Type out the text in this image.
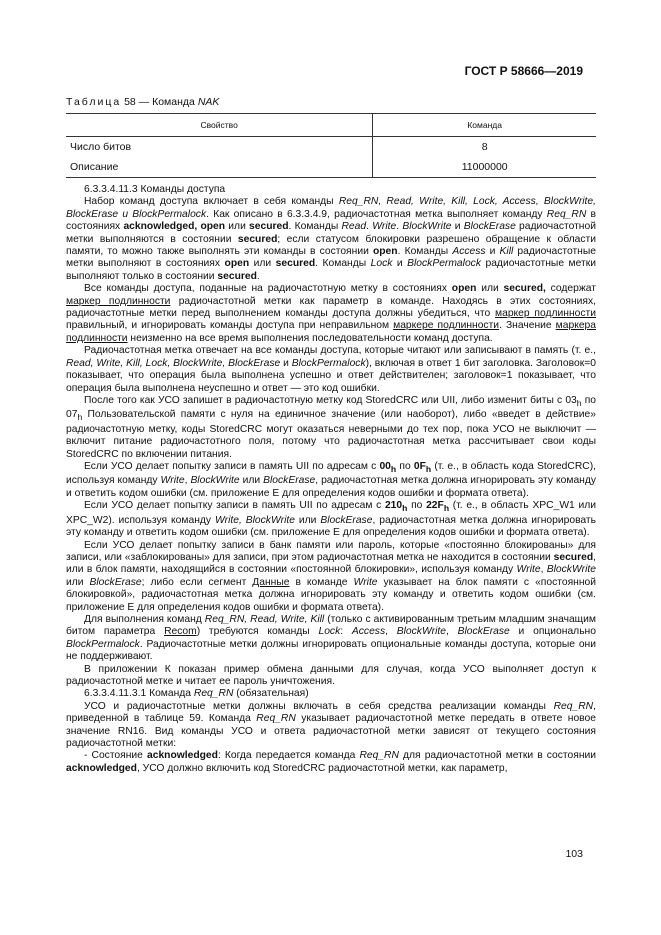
ГОСТ Р 58666—2019
Таблица 58 — Команда NAK
Свойство	Команда
Число битов	8
Описание	11000000

6.3.3.4.11.3 Команды доступа

Набор команд доступа включает в себя команды Req_RN, Read, Write, Kill, Lock, Access, BlockWrite, BlockErase и BlockPermalock. Как описано в 6.3.3.4.9, радиочастотная метка выполняет команду Req_RN в состояниях acknowledged, open или secured. Команды Read. Write. BlockWrite и BlockErase радиочастотной метки выполняются в состоянии secured; если статусом блокировки разрешено обращение к области памяти, то можно также выполнять эти команды в состоянии open. Команды Access и Kill радиочастотные метки выполняют в состояниях open или secured. Команды Lock и BlockPermalock радиочастотные метки выполняют только в состоянии secured.

Все команды доступа, поданные на радиочастотную метку в состояниях open или secured, содержат маркер подлинности радиочастотной метки как параметр в команде. Находясь в этих состояниях, радиочастотные метки перед выполнением команды доступа должны убедиться, что маркер подлинности правильный, и игнорировать команды доступа при неправильном маркере подлинности. Значение маркера подлинности неизменно на все время выполнения последовательности команд доступа.

Радиочастотная метка отвечает на все команды доступа, которые читают или записывают в память (т. е., Read, Write, Kill, Lock, BlockWrite, BlockErase и BlockPermalock), включая в ответ 1 бит заголовка. Заголовок=0 показывает, что операция была выполнена успешно и ответ действителен; заголовок=1 показывает, что операция была выполнена неуспешно и ответ — это код ошибки.

После того как УСО запишет в радиочастотную метку код StoredCRC или UII, либо изменит биты с $03_h$ по $07_h$ Пользовательской памяти с нуля на единичное значение (или наоборот), либо «введет в действие» радиочастотную метку, коды StoredCRC могут оказаться неверными до тех пор, пока УСО не выключит — включит питание радиочастотного поля, потому что радиочастотная метка рассчитывает свои коды StoredCRC по включении питания.

Если УСО делает попытку записи в память UII по адресам с $00_h$ по $0F_h$ (т. е., в область кода StoredCRC), используя команду Write, BlockWrite или BlockErase, радиочастотная метка должна игнорировать эту команду и ответить кодом ошибки (см. приложение Е для определения кодов ошибки и формата ответа).

Если УСО делает попытку записи в память UII по адресам с $210_h$ по $22F_h$ (т. е., в область XPC_W1 или XPC_W2). используя команду Write, BlockWrite или BlockErase, радиочастотная метка должна игнорировать эту команду и ответить кодом ошибки (см. приложение Е для определения кодов ошибки и формата ответа).

Если УСО делает попытку записи в банк памяти или пароль, которые «постоянно блокированы» для записи, или «заблокированы» для записи, при этом радиочастотная метка не находится в состоянии secured, или в блок памяти, находящийся в состоянии «постоянной блокировки», используя команду Write, BlockWrite или BlockErase; либо если сегмент Данные в команде Write указывает на блок памяти с «постоянной блокировкой», радиочастотная метка должна игнорировать эту команду и ответить кодом ошибки (см. приложение Е для определения кодов ошибки и формата ответа).

Для выполнения команд Req_RN, Read, Write, Kill (только с активированным третьим младшим значащим битом параметра Recom) требуются команды Lock: Access, BlockWrite, BlockErase и опционально BlockPermalock. Радиочастотные метки должны игнорировать опциональные команды доступа, которые они не поддерживают.

В приложении К показан пример обмена данными для случая, когда УСО выполняет доступ к радиочастотной метке и читает ее пароль уничтожения.

6.3.3.4.11.3.1 Команда Req_RN (обязательная)

УСО и радиочастотные метки должны включать в себя средства реализации команды Req_RN, приведенной в таблице 59. Команда Req_RN указывает радиочастотной метке передать в ответе новое значение RN16. Вид команды УСО и ответа радиочастотной метки зависят от текущего состояния радиочастотной метки:

- Состояние acknowledged: Когда передается команда Req_RN для радиочастотной метки в состоянии acknowledged, УСО должно включить код StoredCRC радиочастотной метки, как параметр,

103
